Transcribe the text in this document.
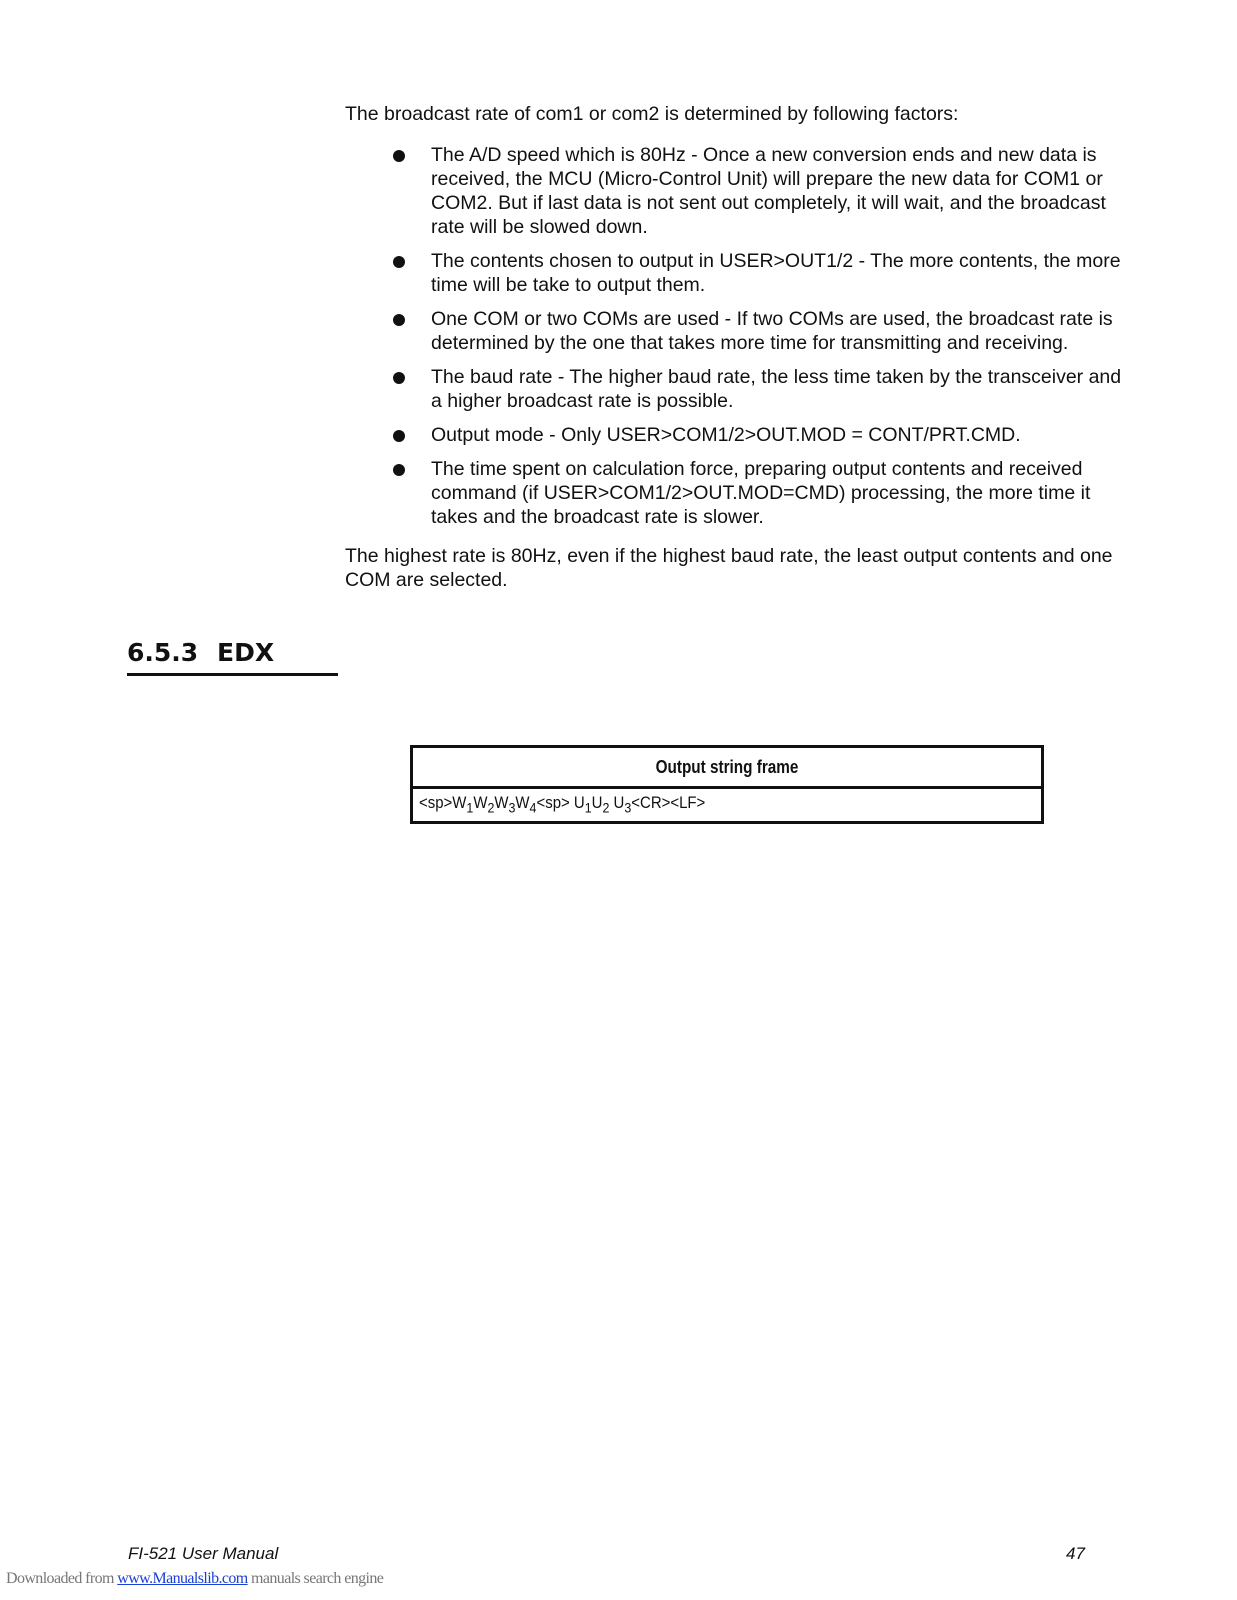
The broadcast rate of com1 or com2 is determined by following factors:

The A/D speed which is 80Hz - Once a new conversion ends and new data is received, the MCU (Micro-Control Unit) will prepare the new data for COM1 or COM2. But if last data is not sent out completely, it will wait, and the broadcast rate will be slowed down.
The contents chosen to output in USER>OUT1/2 - The more contents, the more time will be take to output them.
One COM or two COMs are used - If two COMs are used, the broadcast rate is determined by the one that takes more time for transmitting and receiving.
The baud rate - The higher baud rate, the less time taken by the transceiver and a higher broadcast rate is possible.
Output mode - Only USER>COM1/2>OUT.MOD = CONT/PRT.CMD.
The time spent on calculation force, preparing output contents and received command (if USER>COM1/2>OUT.MOD=CMD) processing, the more time it takes and the broadcast rate is slower.

The highest rate is 80Hz, even if the highest baud rate, the least output contents and one COM are selected.

6.5.3 EDX
Output string frame
$<sp>W_1W_2W_3W_4<sp> U_1U_2$ $U_3<CR><LF>$
FI-521 User Manual	47
Downloaded from www.Manualslib.com manuals search engine
